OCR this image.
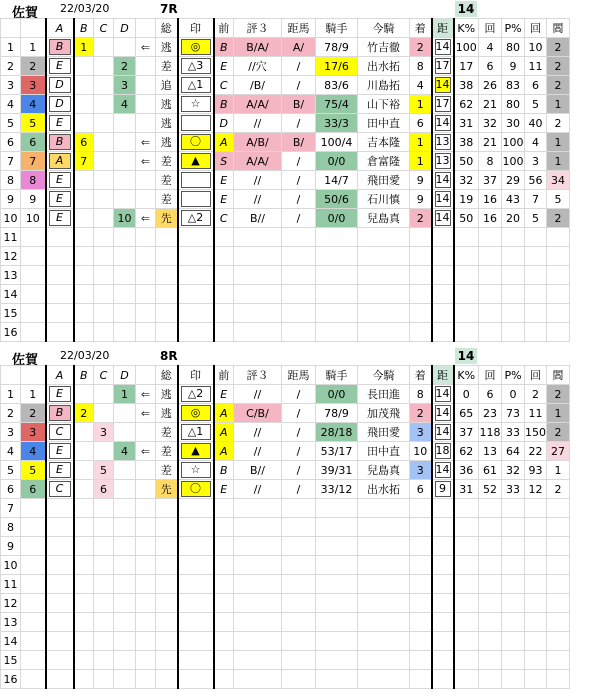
佐賀 22/03/20	7R	14
		A	B	C	D		総	印	前	評３	距馬	騎手	今騎	着	距	K%	回	P%	回	閻
1	1	B	1			⇐	逃	◎	B	B/A/	A/	78/9	竹吉徹	2	14	100	4	80	10	2
2	2	E			2		差	△3	E	//穴	/	17/6	出水拓	8	17	17	6	9	11	2
3	3	D			3		追	△1	C	/B/	/	83/6	川島拓	4	14	38	26	83	6	2
4	4	D			4		逃	☆	B	A/A/	B/	75/4	山下裕	1	17	62	21	80	5	1
5	5	E					逃		D	//	/	33/3	田中直	6	14	31	32	30	40	2
6	6	B	6			⇐	逃	〇	A	A/B/	B/	100/4	吉本隆	1	13	38	21	100	4	1
7	7	A	7			⇐	差	▲	S	A/A/	/	0/0	倉富隆	1	13	50	8	100	3	1
8	8	E					差		E	//	/	14/7	飛田愛	9	14	32	37	29	56	34
9	9	E					差		E	//	/	50/6	石川慎	9	14	19	16	43	7	5
10	10	E			10	⇐	先	△2	C	B//	/	0/0	兒島真	2	14	50	16	20	5	2
11																				
12																				
13																				
14																				
15																				
16																				
佐賀 22/03/20	8R	14
		A	B	C	D		総	印	前	評３	距馬	騎手	今騎	着	距	K%	回	P%	回	閻
1	1	E			1	⇐	逃	△2	E	//	/	0/0	長田進	8	14	0	6	0	2	2
2	2	B	2			⇐	逃	◎	A	C/B/	/	78/9	加茂飛	2	14	65	23	73	11	1
3	3	C		3			差	△1	A	//	/	28/18	飛田愛	3	14	37	118	33	150	2
4	4	E			4	⇐	差	▲	A	//	/	53/17	田中直	10	18	62	13	64	22	27
5	5	E		5			差	☆	B	B//	/	39/31	兒島真	3	14	36	61	32	93	1
6	6	C		6			先	〇	E	//	/	33/12	出水拓	6	9	31	52	33	12	2
7																				
8																				
9																				
10																				
11																				
12																				
13																				
14																				
15																				
16																				
